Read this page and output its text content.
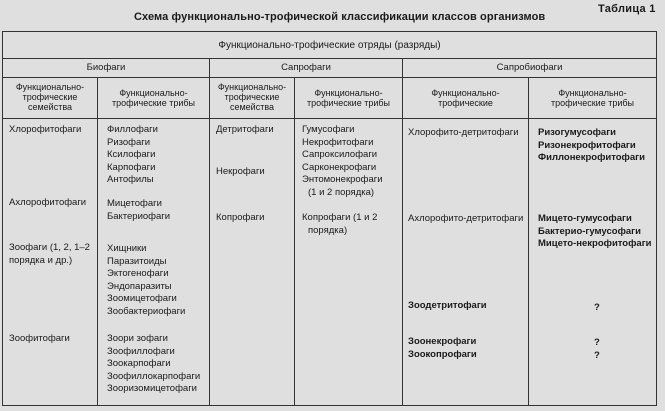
Схема функционально-трофической классификации классов организмов
Таблица 1
Функционально-трофические отряды (разряды)
Биофаги	Сапрофаги	Сапробиофаги
Функционально-
трофические
семейства
Функционально-
трофические трибы
Функционально-
трофические
семейства
Функционально-
трофические трибы
Функционально-
трофические
Функционально-
трофические трибы
Хлорофитофаги
Ахлорофитофаги
Зоофаги (1, 2, 1–2
порядка и др.)
Зоофитофаги
Филлофаги
Ризофаги
Ксилофаги
Карпофаги
Антофилы
Мицетофаги
Бактериофаги
Хищники
Паразитоиды
Эктогенофаги
Эндопаразиты
Зоомицетофаги
Зообактериофаги
Зоори зофаги
Зоофиллофаги
Зоокарпофаги
Зоофиллокарпофаги
Зооризомицетофаги
Детритофаги
Некрофаги
Копрофаги
Гумусофаги
Некрофитофаги
Сапроксилофаги
Сарконекрофаги
Энтомонекрофаги
(1 и 2 порядка)
Копрофаги (1 и 2
порядка)
Хлорофито-детритофаги
Ахлорофито-детритофаги
Зоодетритофаги
Зоонекрофаги
Зоокопрофаги
Ризогумусофаги
Ризонекрофитофаги
Филлонекрофитофаги
Мицето-гумусофаги
Бактерио-гумусофаги
Мицето-некрофитофаги
?
?
?
